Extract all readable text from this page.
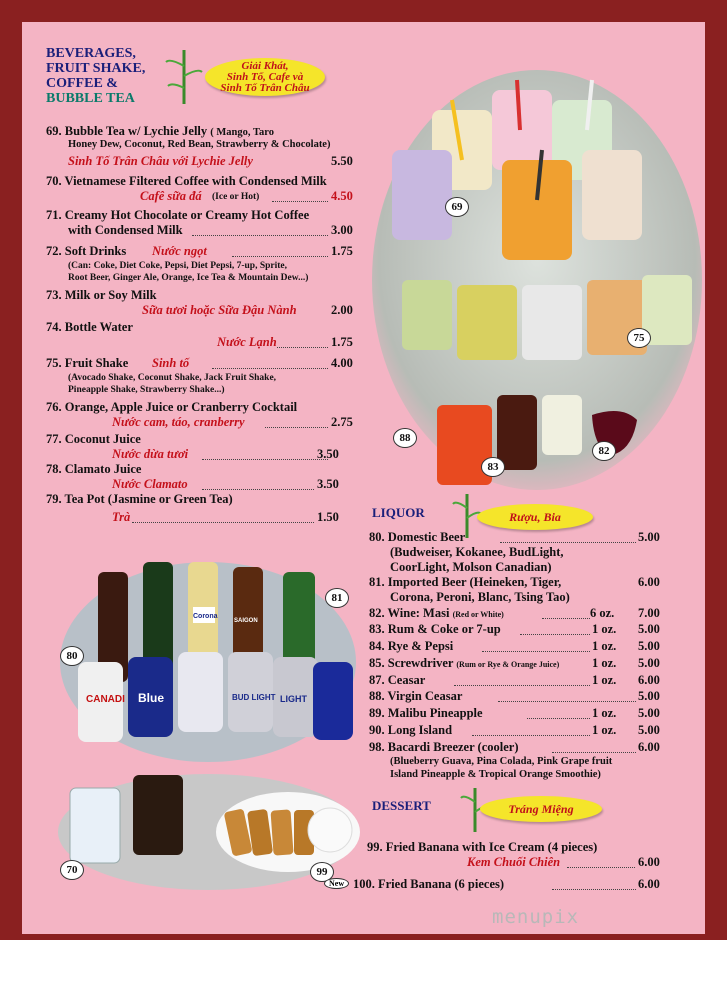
BEVERAGES,
FRUIT SHAKE,
COFFEE &
BUBBLE TEA
Giải Khát,
Sinh Tố, Cafe và
Sinh Tố Trân Châu
69
75
88
83
82
69. Bubble Tea w/ Lychie Jelly ( Mango, Taro
Honey Dew, Coconut, Red Bean, Strawberry & Chocolate)
Sinh Tố Trân Châu với Lychie Jelly	5.50
70. Vietnamese Filtered Coffee with Condensed Milk
Cafê sữa đá (Ice or Hot)	4.50
71. Creamy Hot Chocolate or Creamy Hot Coffee
with Condensed Milk	3.00
72. Soft Drinks Nước ngọt	1.75
(Can: Coke, Diet Coke, Pepsi, Diet Pepsi, 7-up, Sprite,
Root Beer, Ginger Ale, Orange, Ice Tea & Mountain Dew...)
73. Milk or Soy Milk
Sữa tươi hoặc Sữa Đậu Nành	2.00
74. Bottle Water
Nước Lạnh	1.75
75. Fruit Shake Sinh tố	4.00
(Avocado Shake, Coconut Shake, Jack Fruit Shake,
Pineapple Shake, Strawberry Shake...)
76. Orange, Apple Juice or Cranberry Cocktail
Nước cam, táo, cranberry	2.75
77. Coconut Juice
Nước dừa tươi	3.50
78. Clamato Juice
Nước Clamato	3.50
79. Tea Pot (Jasmine or Green Tea)
Trà	1.50
CANADI Blue	BUD LIGHT LIGHT
Corona
SAIGON
81
80
70	99
LIQUOR	Rượu, Bia
80. Domestic Beer	5.00
(Budweiser, Kokanee, BudLight,
CoorLight, Molson Canadian)
81. Imported Beer (Heineken, Tiger,	6.00
Corona, Peroni, Blanc, Tsing Tao)
82. Wine: Masi (Red or White)	6 oz. 7.00
83. Rum & Coke or 7-up	1 oz. 5.00
84. Rye & Pepsi	1 oz. 5.00
85. Screwdriver (Rum or Rye & Orange Juice)	1 oz. 5.00
87. Ceasar	1 oz. 6.00
88. Virgin Ceasar	5.00
89. Malibu Pineapple	1 oz. 5.00
90. Long Island	1 oz. 5.00
98. Bacardi Breezer (cooler)	6.00
(Blueberry Guava, Pina Colada, Pink Grape fruit
Island Pineapple & Tropical Orange Smoothie)
DESSERT	Tráng Miệng
99. Fried Banana with Ice Cream (4 pieces)
Kem Chuối Chiên	6.00
New 100. Fried Banana (6 pieces)	6.00
menupix
